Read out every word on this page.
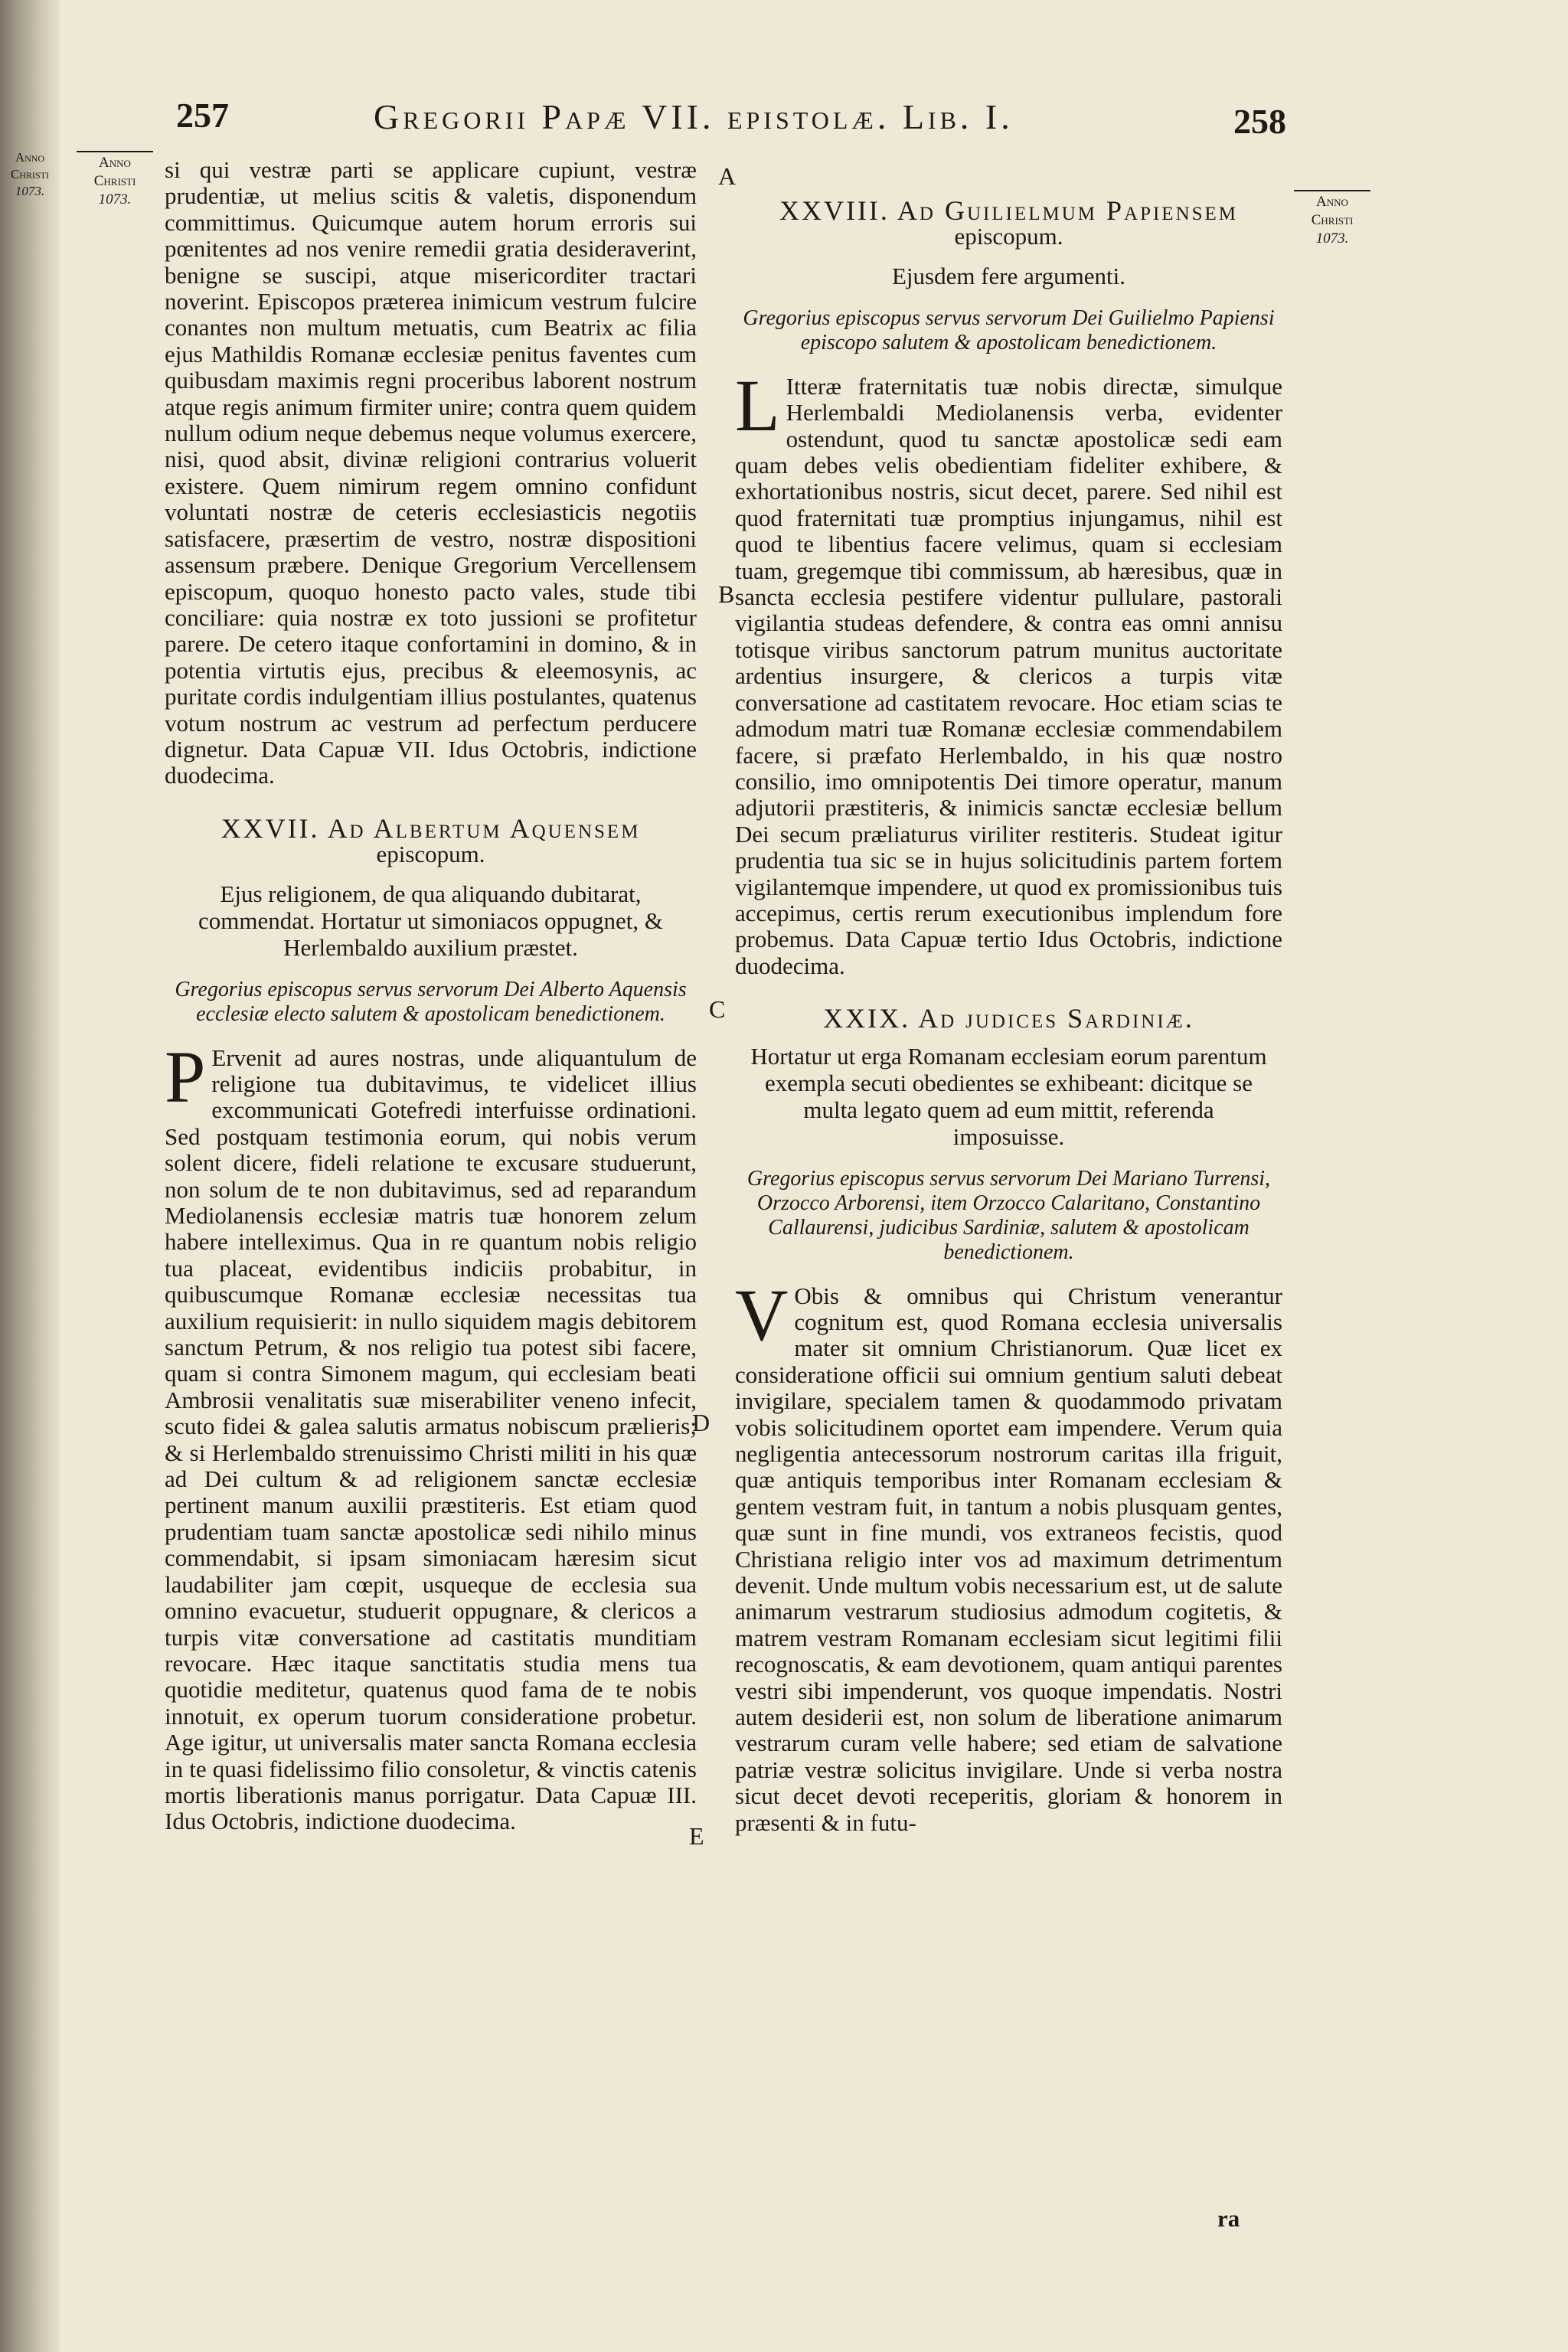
Anno
Christi
1073.
257	Gregorii Papæ VII. epistolæ. Lib. I.	258
Anno
Christi
1073.	Anno
Christi
1073.
A
B
C
D
E

si qui vestræ parti se applicare cupiunt, vestræ prudentiæ, ut melius scitis & valetis, disponendum committimus. Quicumque autem horum erroris sui pœnitentes ad nos venire remedii gratia desideraverint, benigne se suscipi, atque misericorditer tractari noverint. Episcopos præterea inimicum vestrum fulcire conantes non multum metuatis, cum Beatrix ac filia ejus Mathildis Romanæ ecclesiæ penitus faventes cum quibusdam maximis regni proceribus laborent nostrum atque regis animum firmiter unire; contra quem quidem nullum odium neque debemus neque volumus exercere, nisi, quod absit, divinæ religioni contrarius voluerit existere. Quem nimirum regem omnino confidunt voluntati nostræ de ceteris ecclesiasticis negotiis satisfacere, præsertim de vestro, nostræ dispositioni assensum præbere. Denique Gregorium Vercellensem episcopum, quoquo honesto pacto vales, stude tibi conciliare: quia nostræ ex toto jussioni se profitetur parere. De cetero itaque confortamini in domino, & in potentia virtutis ejus, precibus & eleemosynis, ac puritate cordis indulgentiam illius postulantes, quatenus votum nostrum ac vestrum ad perfectum perducere dignetur. Data Capuæ VII. Idus Octobris, indictione duodecima.

XXVII. Ad Albertum Aquensem
episcopum.
Ejus religionem, de qua aliquando dubitarat, commendat. Hortatur ut simoniacos oppugnet, & Herlembaldo auxilium præstet.
Gregorius episcopus servus servorum Dei Alberto Aquensis ecclesiæ electo salutem & apostolicam benedictionem.

P Ervenit ad aures nostras, unde aliquantulum de religione tua dubitavimus, te videlicet illius excommunicati Gotefredi interfuisse ordinationi. Sed postquam testimonia eorum, qui nobis verum solent dicere, fideli relatione te excusare studuerunt, non solum de te non dubitavimus, sed ad reparandum Mediolanensis ecclesiæ matris tuæ honorem zelum habere intelleximus. Qua in re quantum nobis religio tua placeat, evidentibus indiciis probabitur, in quibuscumque Romanæ ecclesiæ necessitas tua auxilium requisierit: in nullo siquidem magis debitorem sanctum Petrum, & nos religio tua potest sibi facere, quam si contra Simonem magum, qui ecclesiam beati Ambrosii venalitatis suæ miserabiliter veneno infecit, scuto fidei & galea salutis armatus nobiscum prælieris; & si Herlembaldo strenuissimo Christi militi in his quæ ad Dei cultum & ad religionem sanctæ ecclesiæ pertinent manum auxilii præstiteris. Est etiam quod prudentiam tuam sanctæ apostolicæ sedi nihilo minus commendabit, si ipsam simoniacam hæresim sicut laudabiliter jam cœpit, usqueque de ecclesia sua omnino evacuetur, studuerit oppugnare, & clericos a turpis vitæ conversatione ad castitatis munditiam revocare. Hæc itaque sanctitatis studia mens tua quotidie meditetur, quatenus quod fama de te nobis innotuit, ex operum tuorum consideratione probetur. Age igitur, ut universalis mater sancta Romana ecclesia in te quasi fidelissimo filio consoletur, & vinctis catenis mortis liberationis manus porrigatur. Data Capuæ III. Idus Octobris, indictione duodecima.

XXVIII. Ad Guilielmum Papiensem
episcopum.
Ejusdem fere argumenti.
Gregorius episcopus servus servorum Dei Guilielmo Papiensi episcopo salutem & apostolicam benedictionem.

L Itteræ fraternitatis tuæ nobis directæ, simulque Herlembaldi Mediolanensis verba, evidenter ostendunt, quod tu sanctæ apostolicæ sedi eam quam debes velis obedientiam fideliter exhibere, & exhortationibus nostris, sicut decet, parere. Sed nihil est quod fraternitati tuæ promptius injungamus, nihil est quod te libentius facere velimus, quam si ecclesiam tuam, gregemque tibi commissum, ab hæresibus, quæ in sancta ecclesia pestifere videntur pullulare, pastorali vigilantia studeas defendere, & contra eas omni annisu totisque viribus sanctorum patrum munitus auctoritate ardentius insurgere, & clericos a turpis vitæ conversatione ad castitatem revocare. Hoc etiam scias te admodum matri tuæ Romanæ ecclesiæ commendabilem facere, si præfato Herlembaldo, in his quæ nostro consilio, imo omnipotentis Dei timore operatur, manum adjutorii præstiteris, & inimicis sanctæ ecclesiæ bellum Dei secum præliaturus viriliter restiteris. Studeat igitur prudentia tua sic se in hujus solicitudinis partem fortem vigilantemque impendere, ut quod ex promissionibus tuis accepimus, certis rerum executionibus implendum fore probemus. Data Capuæ tertio Idus Octobris, indictione duodecima.

XXIX. Ad judices Sardiniæ.
Hortatur ut erga Romanam ecclesiam eorum parentum exempla secuti obedientes se exhibeant: dicitque se multa legato quem ad eum mittit, referenda imposuisse.
Gregorius episcopus servus servorum Dei Mariano Turrensi, Orzocco Arborensi, item Orzocco Calaritano, Constantino Callaurensi, judicibus Sardiniæ, salutem & apostolicam benedictionem.

V Obis & omnibus qui Christum venerantur cognitum est, quod Romana ecclesia universalis mater sit omnium Christianorum. Quæ licet ex consideratione officii sui omnium gentium saluti debeat invigilare, specialem tamen & quodammodo privatam vobis solicitudinem oportet eam impendere. Verum quia negligentia antecessorum nostrorum caritas illa friguit, quæ antiquis temporibus inter Romanam ecclesiam & gentem vestram fuit, in tantum a nobis plusquam gentes, quæ sunt in fine mundi, vos extraneos fecistis, quod Christiana religio inter vos ad maximum detrimentum devenit. Unde multum vobis necessarium est, ut de salute animarum vestrarum studiosius admodum cogitetis, & matrem vestram Romanam ecclesiam sicut legitimi filii recognoscatis, & eam devotionem, quam antiqui parentes vestri sibi impenderunt, vos quoque impendatis. Nostri autem desiderii est, non solum de liberatione animarum vestrarum curam velle habere; sed etiam de salvatione patriæ vestræ solicitus invigilare. Unde si verba nostra sicut decet devoti receperitis, gloriam & honorem in præsenti & in futu-

ra
